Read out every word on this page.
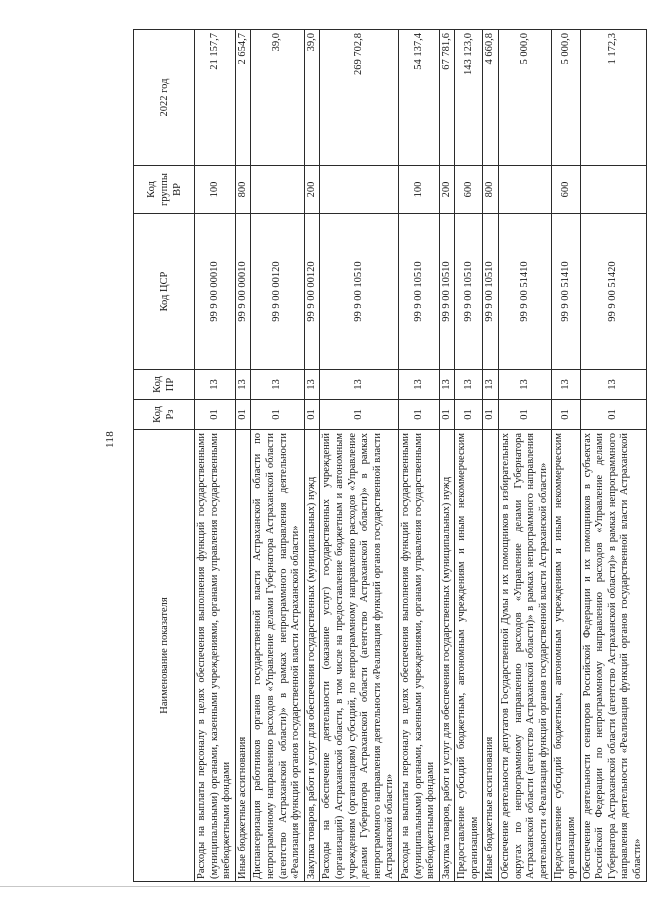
118
Наименование показателя	Код Рз	Код ПР	Код ЦСР	Код группы ВР	2022 год
Расходы на выплаты персоналу в целях обеспечения выполнения функций государственными (муниципальными) органами, казенными учреждениями, органами управления государственными внебюджетными фондами	01	13	99 9 00 00010	100	21 157,7
Иные бюджетные ассигнования	01	13	99 9 00 00010	800	2 654,7
Диспансеризация работников органов государственной власти Астраханской области по непрограммному направлению расходов «Управление делами Губернатора Астраханской области (агентство Астраханской области)» в рамках непрограммного направления деятельности «Реализация функций органов государственной власти Астраханской области»	01	13	99 9 00 00120		39,0
Закупка товаров, работ и услуг для обеспечения государственных (муниципальных) нужд	01	13	99 9 00 00120	200	39,0
Расходы на обеспечение деятельности (оказание услуг) государственных учреждений (организаций) Астраханской области, в том числе на предоставление бюджетным и автономным учреждениям (организациям) субсидий, по непрограммному направлению расходов «Управление делами Губернатора Астраханской области (агентство Астраханской области)» в рамках непрограммного направления деятельности «Реализация функций органов государственной власти Астраханской области»	01	13	99 9 00 10510		269 702,8
Расходы на выплаты персоналу в целях обеспечения выполнения функций государственными (муниципальными) органами, казенными учреждениями, органами управления государственными внебюджетными фондами	01	13	99 9 00 10510	100	54 137,4
Закупка товаров, работ и услуг для обеспечения государственных (муниципальных) нужд	01	13	99 9 00 10510	200	67 781,6
Предоставление субсидий бюджетным, автономным учреждениям и иным некоммерческим организациям	01	13	99 9 00 10510	600	143 123,0
Иные бюджетные ассигнования	01	13	99 9 00 10510	800	4 660,8
Обеспечение деятельности депутатов Государственной Думы и их помощников в избирательных округах по непрограммному направлению расходов «Управление делами Губернатора Астраханской области (агентство Астраханской области)» в рамках непрограммного направления деятельности «Реализация функций органов государственной власти Астраханской области»	01	13	99 9 00 51410		5 000,0
Предоставление субсидий бюджетным, автономным учреждениям и иным некоммерческим организациям	01	13	99 9 00 51410	600	5 000,0
Обеспечение деятельности сенаторов Российской Федерации и их помощников в субъектах Российской Федерации по непрограммному направлению расходов «Управление делами Губернатора Астраханской области (агентство Астраханской области)» в рамках непрограммного направления деятельности «Реализация функций органов государственной власти Астраханской области»	01	13	99 9 00 51420		1 172,3
